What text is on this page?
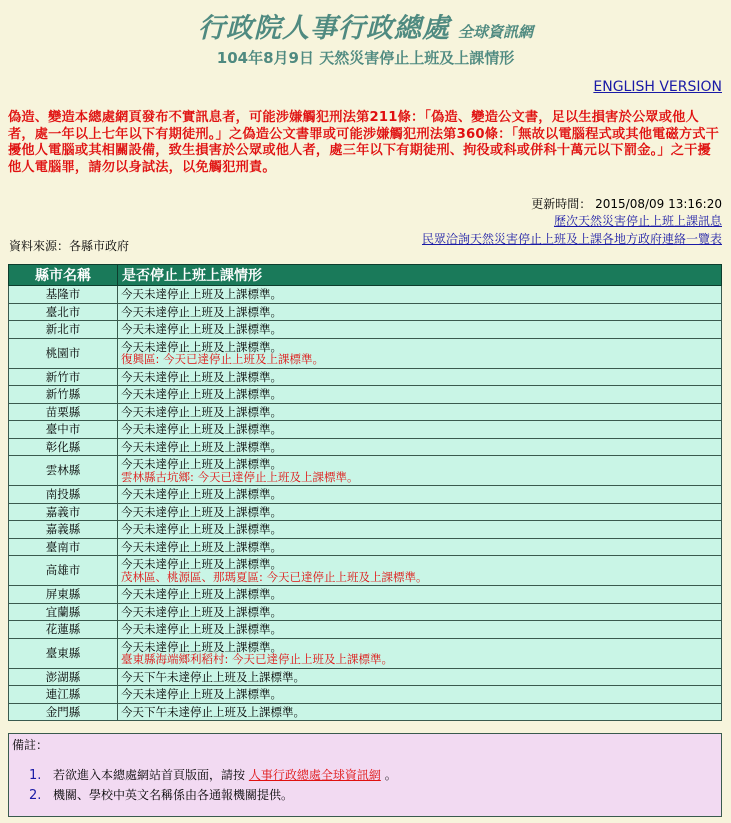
行政院人事行政總處 全球資訊網
104年8月9日 天然災害停止上班及上課情形
ENGLISH VERSION
偽造、變造本總處網頁發布不實訊息者，可能涉嫌觸犯刑法第211條：「偽造、變造公文書，足以生損害於公眾或他人者，處一年以上七年以下有期徒刑。」之偽造公文書罪或可能涉嫌觸犯刑法第360條：「無故以電腦程式或其他電磁方式干擾他人電腦或其相關設備，致生損害於公眾或他人者，處三年以下有期徒刑、拘役或科或併科十萬元以下罰金。」之干擾他人電腦罪，請勿以身試法，以免觸犯刑責。
更新時間： 2015/08/09 13:16:20
歷次天然災害停止上班上課訊息
民眾洽詢天然災害停止上班及上課各地方政府連絡一覽表
資料來源：各縣市政府
縣市名稱	是否停止上班上課情形
基隆市	今天未達停止上班及上課標準。
臺北市	今天未達停止上班及上課標準。
新北市	今天未達停止上班及上課標準。
桃園市	今天未達停止上班及上課標準。
復興區: 今天已達停止上班及上課標準。

新竹市	今天未達停止上班及上課標準。
新竹縣	今天未達停止上班及上課標準。
苗栗縣	今天未達停止上班及上課標準。
臺中市	今天未達停止上班及上課標準。
彰化縣	今天未達停止上班及上課標準。
雲林縣	今天未達停止上班及上課標準。
雲林縣古坑鄉: 今天已達停止上班及上課標準。

南投縣	今天未達停止上班及上課標準。
嘉義市	今天未達停止上班及上課標準。
嘉義縣	今天未達停止上班及上課標準。
臺南市	今天未達停止上班及上課標準。
高雄市	今天未達停止上班及上課標準。
茂林區、桃源區、那瑪夏區: 今天已達停止上班及上課標準。

屏東縣	今天未達停止上班及上課標準。
宜蘭縣	今天未達停止上班及上課標準。
花蓮縣	今天未達停止上班及上課標準。
臺東縣	今天未達停止上班及上課標準。
臺東縣海端鄉利稻村: 今天已達停止上班及上課標準。

澎湖縣	今天下午未達停止上班及上課標準。
連江縣	今天未達停止上班及上課標準。
金門縣	今天下午未達停止上班及上課標準。
備註：
1. 若欲進入本總處網站首頁版面，請按 人事行政總處全球資訊網 。
2. 機關、學校中英文名稱係由各通報機關提供。
